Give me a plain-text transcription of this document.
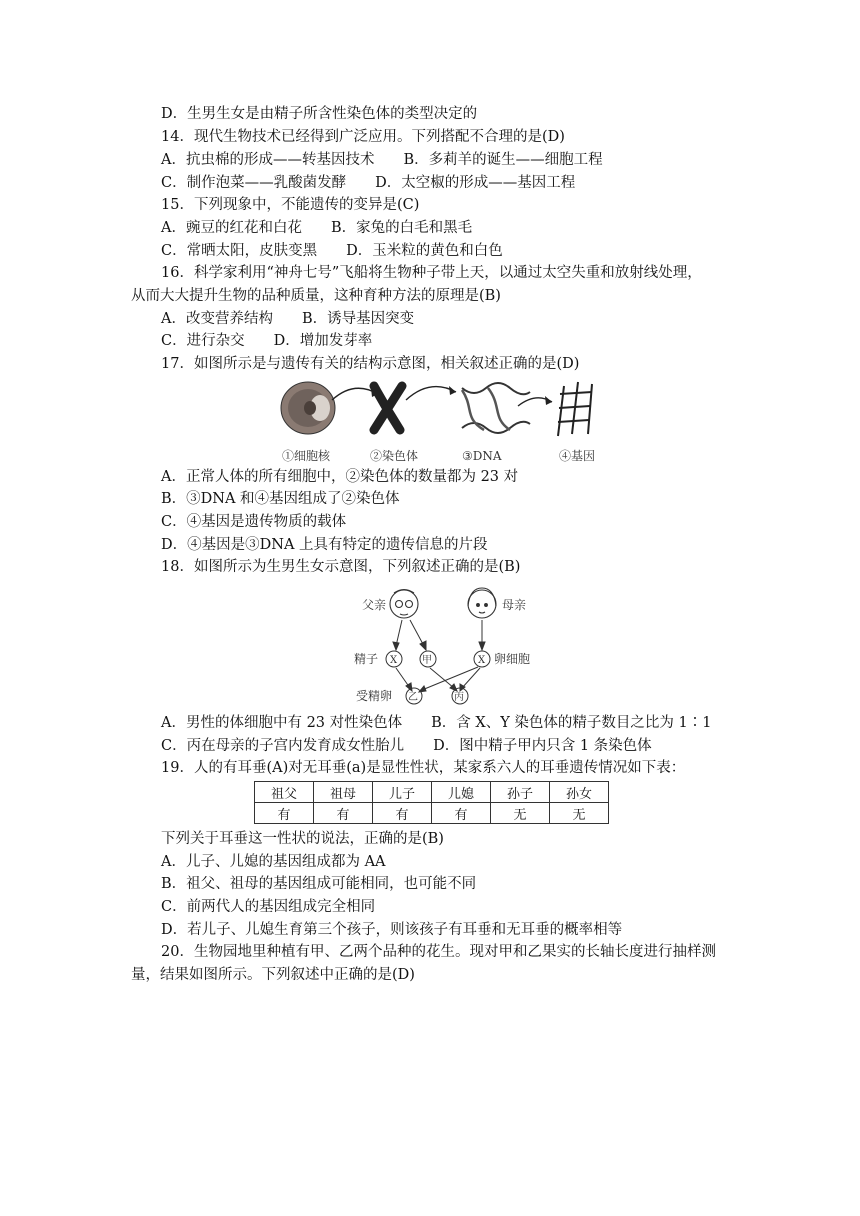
D．生男生女是由精子所含性染色体的类型决定的
14．现代生物技术已经得到广泛应用。下列搭配不合理的是(D)
A．抗虫棉的形成——转基因技术　　B．多莉羊的诞生——细胞工程
C．制作泡菜——乳酸菌发酵　　D．太空椒的形成——基因工程
15．下列现象中，不能遗传的变异是(C)
A．豌豆的红花和白花　　B．家兔的白毛和黑毛
C．常晒太阳，皮肤变黑　　D．玉米粒的黄色和白色
16．科学家利用“神舟七号”飞船将生物种子带上天，以通过太空失重和放射线处理，
从而大大提升生物的品种质量，这种育种方法的原理是(B)
A．改变营养结构　　B．诱导基因突变
C．进行杂交　　D．增加发芽率
17．如图所示是与遗传有关的结构示意图，相关叙述正确的是(D)
①细胞核	②染色体	③DNA	④基因
A．正常人体的所有细胞中，②染色体的数量都为 23 对
B．③DNA 和④基因组成了②染色体
C．④基因是遗传物质的载体
D．④基因是③DNA 上具有特定的遗传信息的片段
18．如图所示为生男生女示意图，下列叙述正确的是(B)
父亲	母亲
精子 X 甲	X 卵细胞
受精卵 乙	丙
A．男性的体细胞中有 23 对性染色体　　B．含 X、Y 染色体的精子数目之比为 1∶1
C．丙在母亲的子宫内发育成女性胎儿　　D．图中精子甲内只含 1 条染色体
19．人的有耳垂(A)对无耳垂(a)是显性性状，某家系六人的耳垂遗传情况如下表：
祖父	祖母	儿子	儿媳	孙子	孙女
有	有	有	有	无	无
下列关于耳垂这一性状的说法，正确的是(B)
A．儿子、儿媳的基因组成都为 AA
B．祖父、祖母的基因组成可能相同，也可能不同
C．前两代人的基因组成完全相同
D．若儿子、儿媳生育第三个孩子，则该孩子有耳垂和无耳垂的概率相等
20．生物园地里种植有甲、乙两个品种的花生。现对甲和乙果实的长轴长度进行抽样测
量，结果如图所示。下列叙述中正确的是(D)
